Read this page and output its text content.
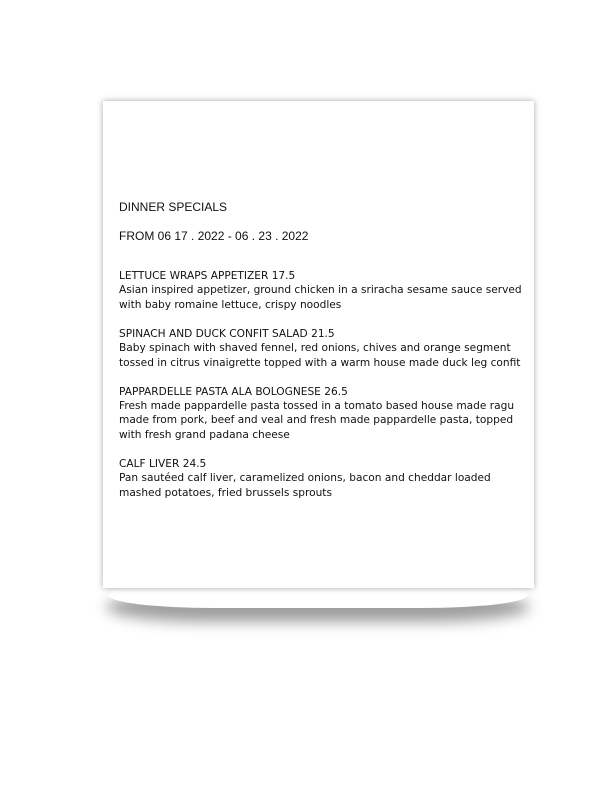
DINNER SPECIALS
FROM 06 17 . 2022 - 06 . 23 . 2022
LETTUCE WRAPS APPETIZER 17.5
Asian inspired appetizer, ground chicken in a sriracha sesame sauce served with baby romaine lettuce, crispy noodles
SPINACH AND DUCK CONFIT SALAD 21.5
Baby spinach with shaved fennel, red onions, chives and orange segment tossed in citrus vinaigrette topped with a warm house made duck leg confit
PAPPARDELLE PASTA ALA BOLOGNESE 26.5
Fresh made pappardelle pasta tossed in a tomato based house made ragu made from pork, beef and veal and fresh made pappardelle pasta, topped with fresh grand padana cheese
CALF LIVER 24.5
Pan sautéed calf liver, caramelized onions, bacon and cheddar loaded mashed potatoes, fried brussels sprouts
